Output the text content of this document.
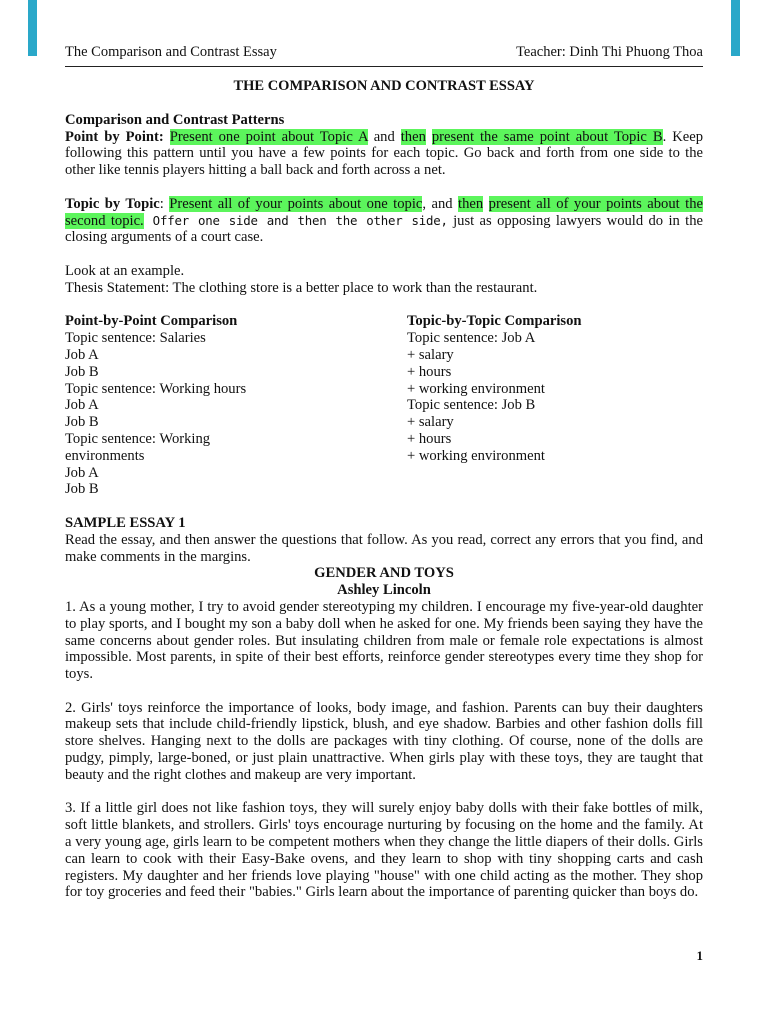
The Comparison and Contrast Essay	Teacher: Dinh Thi Phuong Thoa

THE COMPARISON AND CONTRAST ESSAY

Comparison and Contrast Patterns

Point by Point: Present one point about Topic A and then present the same point about Topic B. Keep following this pattern until you have a few points for each topic. Go back and forth from one side to the other like tennis players hitting a ball back and forth across a net.

Topic by Topic: Present all of your points about one topic, and then present all of your points about the second topic. Offer one side and then the other side, just as opposing lawyers would do in the closing arguments of a court case.

Look at an example.

Thesis Statement: The clothing store is a better place to work than the restaurant.

Point-by-Point Comparison

Topic sentence: Salaries

Job A

Job B

Topic sentence: Working hours

Job A

Job B

Topic sentence: Working

environments

Job A

Job B

Topic-by-Topic Comparison

Topic sentence: Job A

+ salary

+ hours

+ working environment

Topic sentence: Job B

+ salary

+ hours

+ working environment

SAMPLE ESSAY 1

Read the essay, and then answer the questions that follow. As you read, correct any errors that you find, and make comments in the margins.

GENDER AND TOYS

Ashley Lincoln

1. As a young mother, I try to avoid gender stereotyping my children. I encourage my five-year-old daughter to play sports, and I bought my son a baby doll when he asked for one. My friends been saying they have the same concerns about gender roles. But insulating children from male or female role expectations is almost impossible. Most parents, in spite of their best efforts, reinforce gender stereotypes every time they shop for toys.

2. Girls' toys reinforce the importance of looks, body image, and fashion. Parents can buy their daughters makeup sets that include child-friendly lipstick, blush, and eye shadow. Barbies and other fashion dolls fill store shelves. Hanging next to the dolls are packages with tiny clothing. Of course, none of the dolls are pudgy, pimply, large-boned, or just plain unattractive. When girls play with these toys, they are taught that beauty and the right clothes and makeup are very important.

3. If a little girl does not like fashion toys, they will surely enjoy baby dolls with their fake bottles of milk, soft little blankets, and strollers. Girls' toys encourage nurturing by focusing on the home and the family. At a very young age, girls learn to be competent mothers when they change the little diapers of their dolls. Girls can learn to cook with their Easy-Bake ovens, and they learn to shop with tiny shopping carts and cash registers. My daughter and her friends love playing "house" with one child acting as the mother. They shop for toy groceries and feed their "babies." Girls learn about the importance of parenting quicker than boys do.

1
